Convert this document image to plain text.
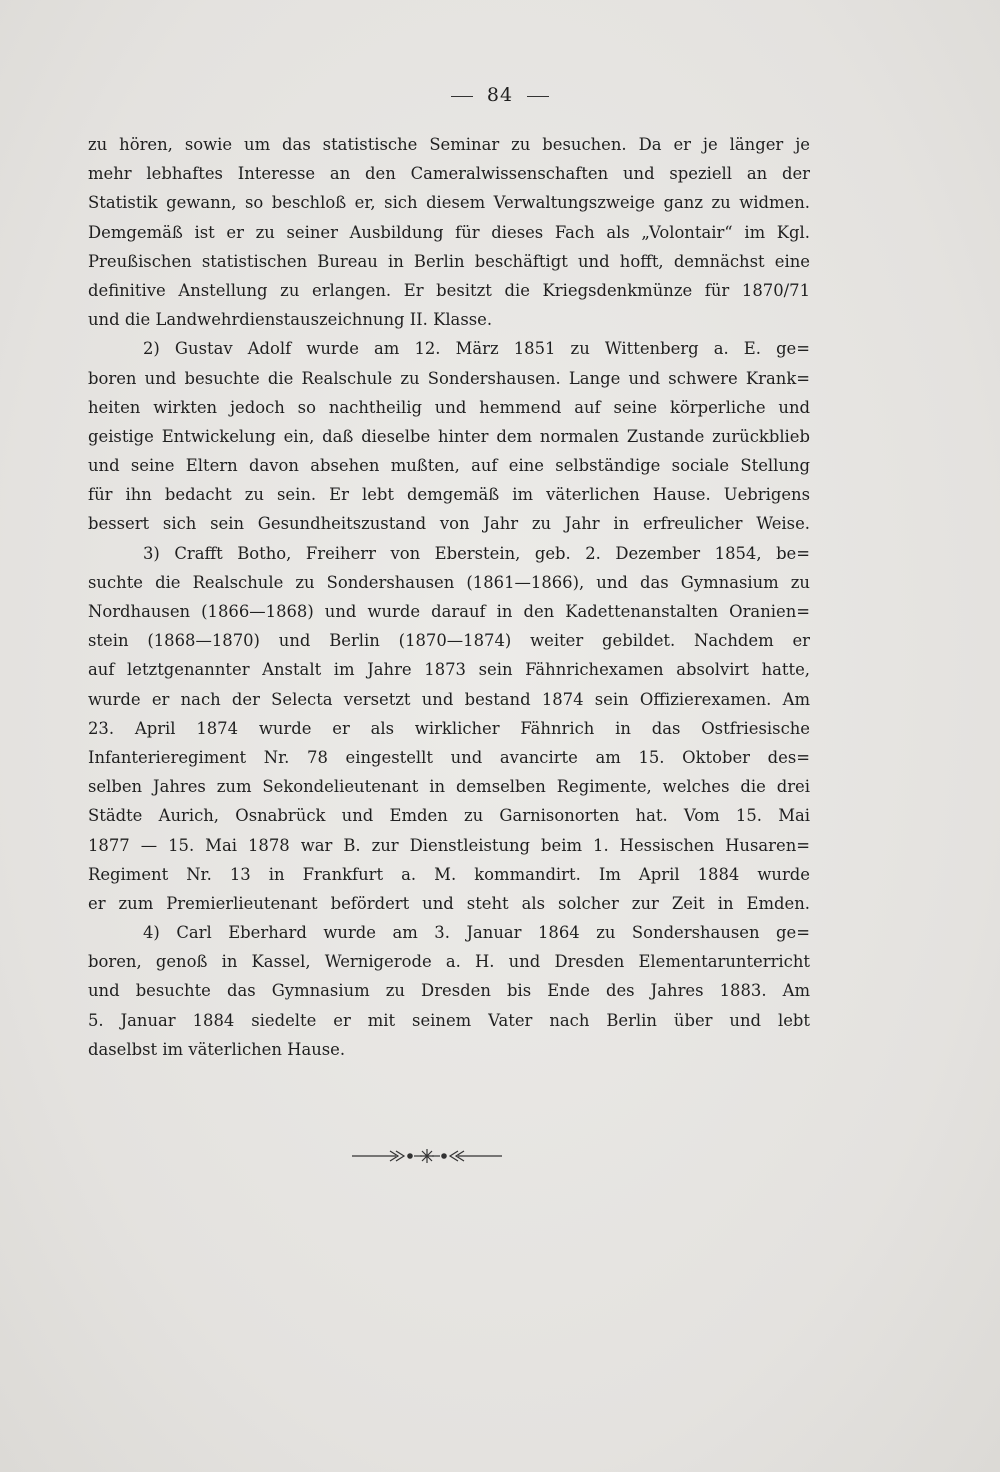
84
zu hören, sowie um das statistische Seminar zu besuchen. Da er je länger je
mehr lebhaftes Interesse an den Cameralwissenschaften und speziell an der
Statistik gewann, so beschloß er, sich diesem Verwaltungszweige ganz zu widmen.
Demgemäß ist er zu seiner Ausbildung für dieses Fach als „Volontair“ im Kgl.
Preußischen statistischen Bureau in Berlin beschäftigt und hofft, demnächst eine
definitive Anstellung zu erlangen. Er besitzt die Kriegsdenkmünze für 1870/71
und die Landwehrdienstauszeichnung II. Klasse.
2) Gustav Adolf wurde am 12. März 1851 zu Wittenberg a. E. ge=
boren und besuchte die Realschule zu Sondershausen. Lange und schwere Krank=
heiten wirkten jedoch so nachtheilig und hemmend auf seine körperliche und
geistige Entwickelung ein, daß dieselbe hinter dem normalen Zustande zurückblieb
und seine Eltern davon absehen mußten, auf eine selbständige sociale Stellung
für ihn bedacht zu sein. Er lebt demgemäß im väterlichen Hause. Uebrigens
bessert sich sein Gesundheitszustand von Jahr zu Jahr in erfreulicher Weise.
3) Crafft Botho, Freiherr von Eberstein, geb. 2. Dezember 1854, be=
suchte die Realschule zu Sondershausen (1861—1866), und das Gymnasium zu
Nordhausen (1866—1868) und wurde darauf in den Kadettenanstalten Oranien=
stein (1868—1870) und Berlin (1870—1874) weiter gebildet. Nachdem er
auf letztgenannter Anstalt im Jahre 1873 sein Fähnrichexamen absolvirt hatte,
wurde er nach der Selecta versetzt und bestand 1874 sein Offizierexamen. Am
23. April 1874 wurde er als wirklicher Fähnrich in das Ostfriesische
Infanterieregiment Nr. 78 eingestellt und avancirte am 15. Oktober des=
selben Jahres zum Sekondelieutenant in demselben Regimente, welches die drei
Städte Aurich, Osnabrück und Emden zu Garnisonorten hat. Vom 15. Mai
1877 — 15. Mai 1878 war B. zur Dienstleistung beim 1. Hessischen Husaren=
Regiment Nr. 13 in Frankfurt a. M. kommandirt. Im April 1884 wurde
er zum Premierlieutenant befördert und steht als solcher zur Zeit in Emden.
4) Carl Eberhard wurde am 3. Januar 1864 zu Sondershausen ge=
boren, genoß in Kassel, Wernigerode a. H. und Dresden Elementarunterricht
und besuchte das Gymnasium zu Dresden bis Ende des Jahres 1883. Am
5. Januar 1884 siedelte er mit seinem Vater nach Berlin über und lebt
daselbst im väterlichen Hause.
